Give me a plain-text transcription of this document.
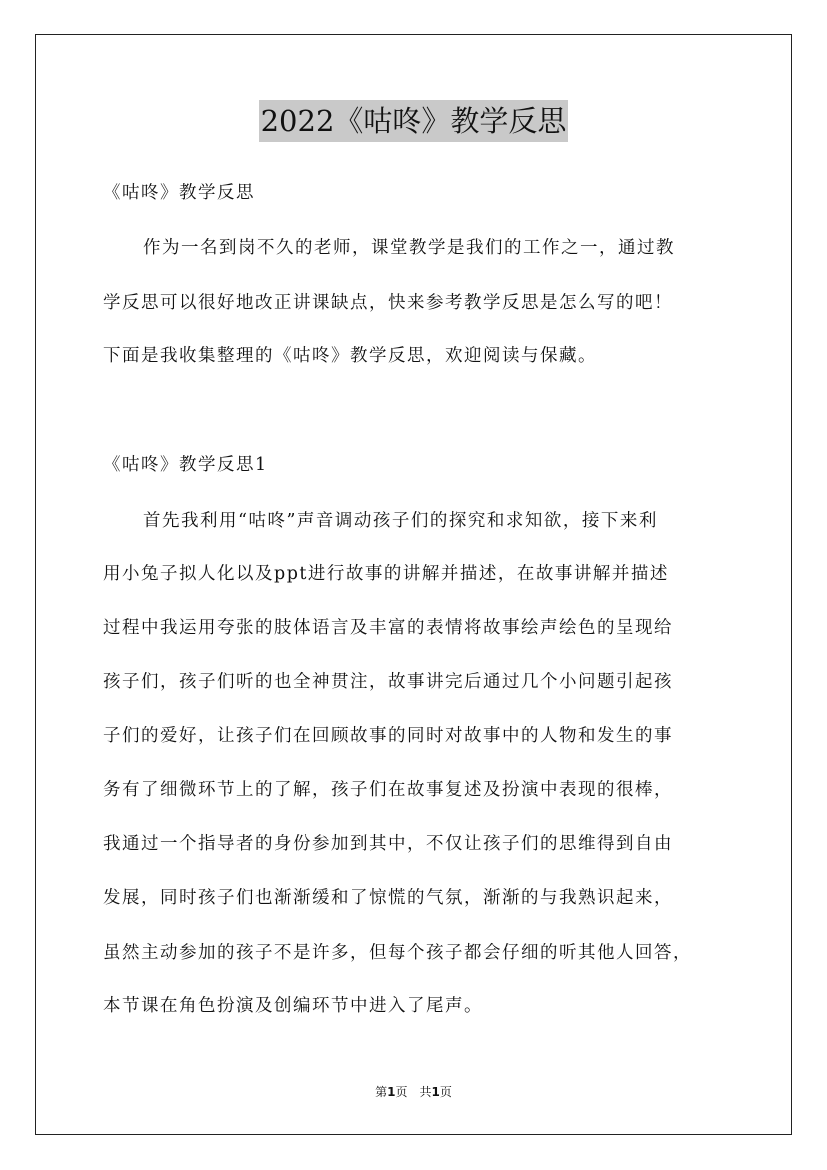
2022《咕咚》教学反思
《咕咚》教学反思
作为一名到岗不久的老师，课堂教学是我们的工作之一，通过教
学反思可以很好地改正讲课缺点，快来参考教学反思是怎么写的吧！
下面是我收集整理的《咕咚》教学反思，欢迎阅读与保藏。
《咕咚》教学反思1
首先我利用“咕咚”声音调动孩子们的探究和求知欲，接下来利
用小兔子拟人化以及ppt进行故事的讲解并描述，在故事讲解并描述
过程中我运用夸张的肢体语言及丰富的表情将故事绘声绘色的呈现给
孩子们，孩子们听的也全神贯注，故事讲完后通过几个小问题引起孩
子们的爱好，让孩子们在回顾故事的同时对故事中的人物和发生的事
务有了细微环节上的了解，孩子们在故事复述及扮演中表现的很棒，
我通过一个指导者的身份参加到其中，不仅让孩子们的思维得到自由
发展，同时孩子们也渐渐缓和了惊慌的气氛，渐渐的与我熟识起来，
虽然主动参加的孩子不是许多，但每个孩子都会仔细的听其他人回答，
本节课在角色扮演及创编环节中进入了尾声。
第1页　共1页
